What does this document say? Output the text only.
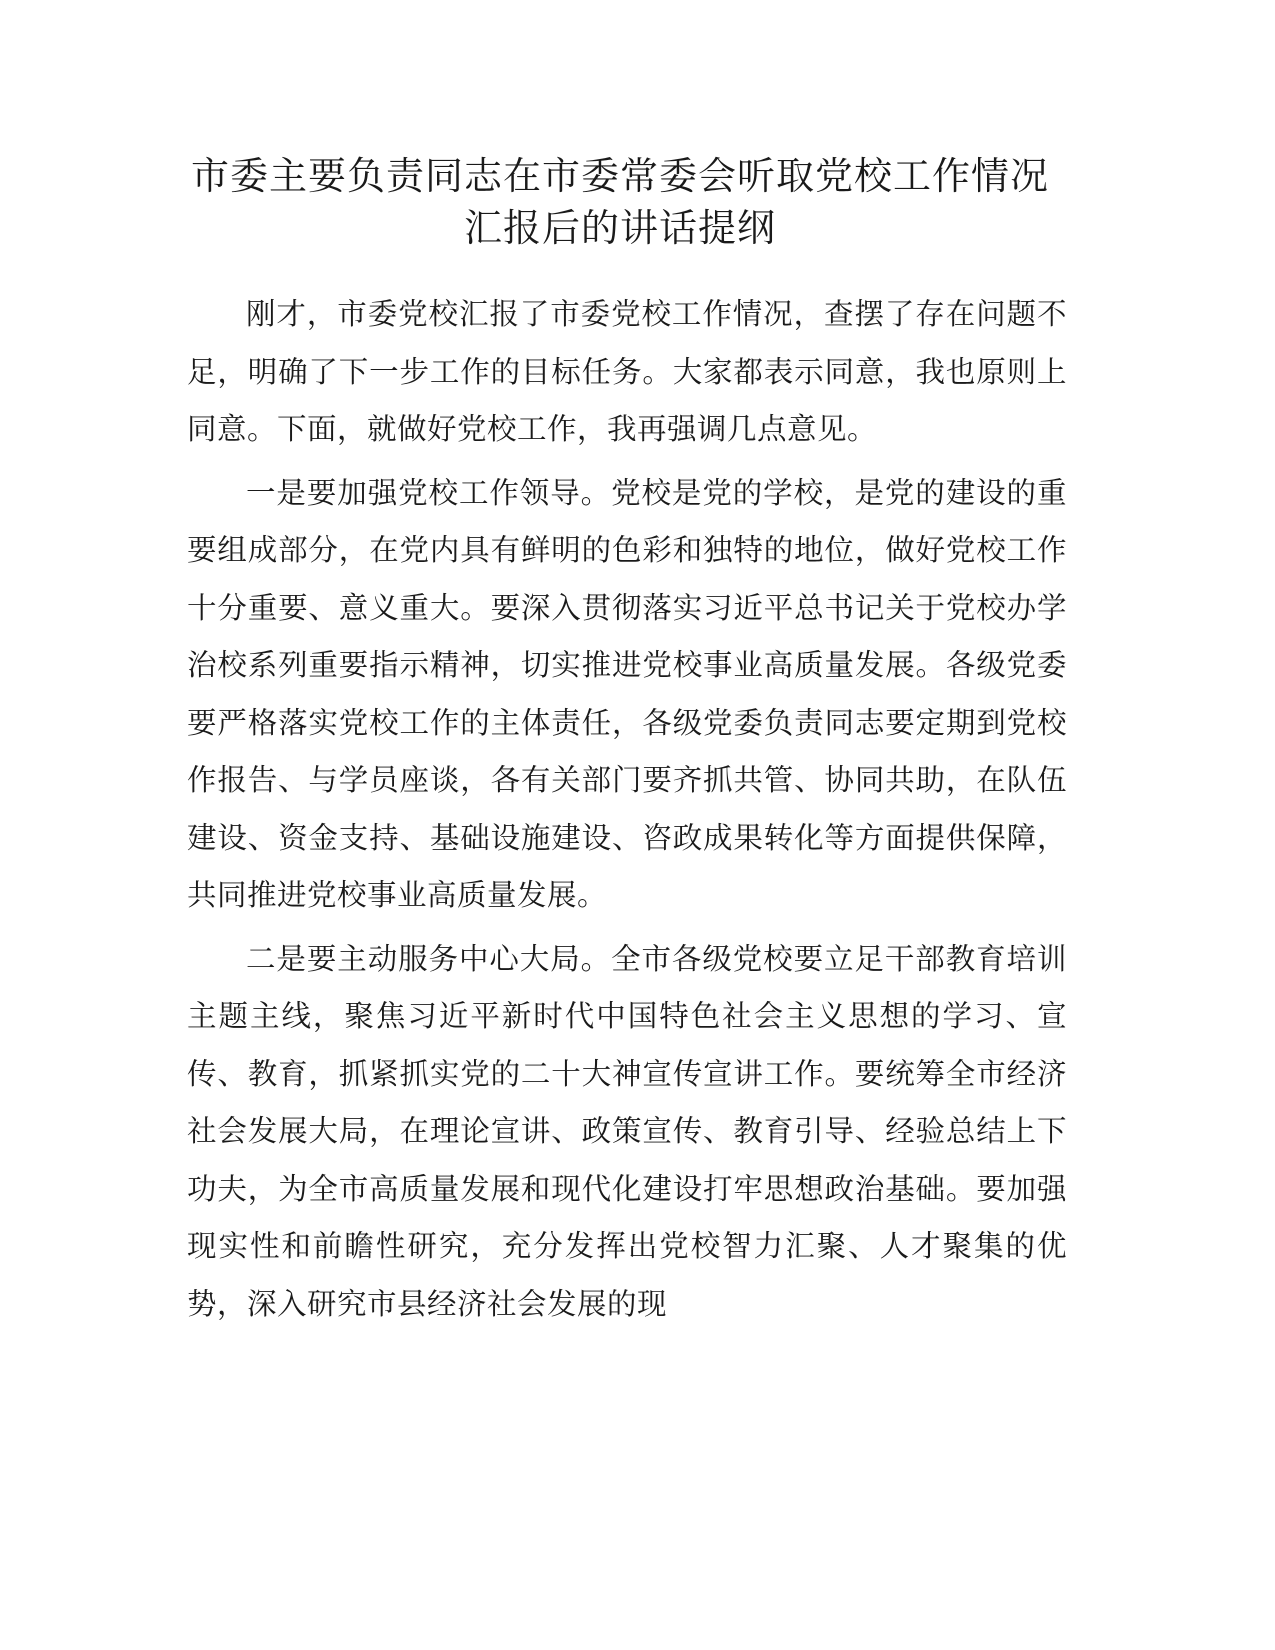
市委主要负责同志在市委常委会听取党校工作情况汇报后的讲话提纲

刚才，市委党校汇报了市委党校工作情况，查摆了存在问题不足，明确了下一步工作的目标任务。大家都表示同意，我也原则上同意。下面，就做好党校工作，我再强调几点意见。

一是要加强党校工作领导。党校是党的学校，是党的建设的重要组成部分，在党内具有鲜明的色彩和独特的地位，做好党校工作十分重要、意义重大。要深入贯彻落实习近平总书记关于党校办学治校系列重要指示精神，切实推进党校事业高质量发展。各级党委要严格落实党校工作的主体责任，各级党委负责同志要定期到党校作报告、与学员座谈，各有关部门要齐抓共管、协同共助，在队伍建设、资金支持、基础设施建设、咨政成果转化等方面提供保障，共同推进党校事业高质量发展。

二是要主动服务中心大局。全市各级党校要立足干部教育培训主题主线，聚焦习近平新时代中国特色社会主义思想的学习、宣传、教育，抓紧抓实党的二十大神宣传宣讲工作。要统筹全市经济社会发展大局，在理论宣讲、政策宣传、教育引导、经验总结上下功夫，为全市高质量发展和现代化建设打牢思想政治基础。要加强现实性和前瞻性研究，充分发挥出党校智力汇聚、人才聚集的优势，深入研究市县经济社会发展的现
